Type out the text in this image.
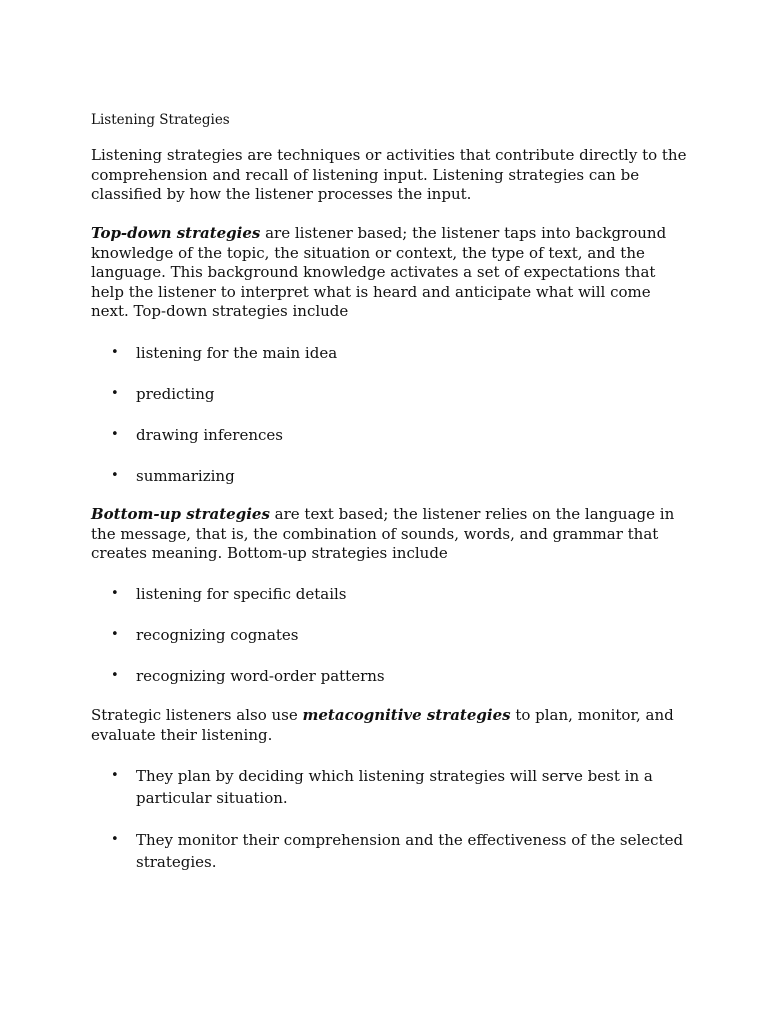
Listening Strategies

Listening strategies are techniques or activities that contribute directly to the comprehension and recall of listening input. Listening strategies can be classified by how the listener processes the input.

Top-down strategies are listener based; the listener taps into background knowledge of the topic, the situation or context, the type of text, and the language. This background knowledge activates a set of expectations that help the listener to interpret what is heard and anticipate what will come next. Top-down strategies include

• listening for the main idea
• predicting
• drawing inferences
• summarizing

Bottom-up strategies are text based; the listener relies on the language in the message, that is, the combination of sounds, words, and grammar that creates meaning. Bottom-up strategies include

• listening for specific details
• recognizing cognates
• recognizing word-order patterns

Strategic listeners also use metacognitive strategies to plan, monitor, and evaluate their listening.

• They plan by deciding which listening strategies will serve best in a particular situation.
• They monitor their comprehension and the effectiveness of the selected strategies.
